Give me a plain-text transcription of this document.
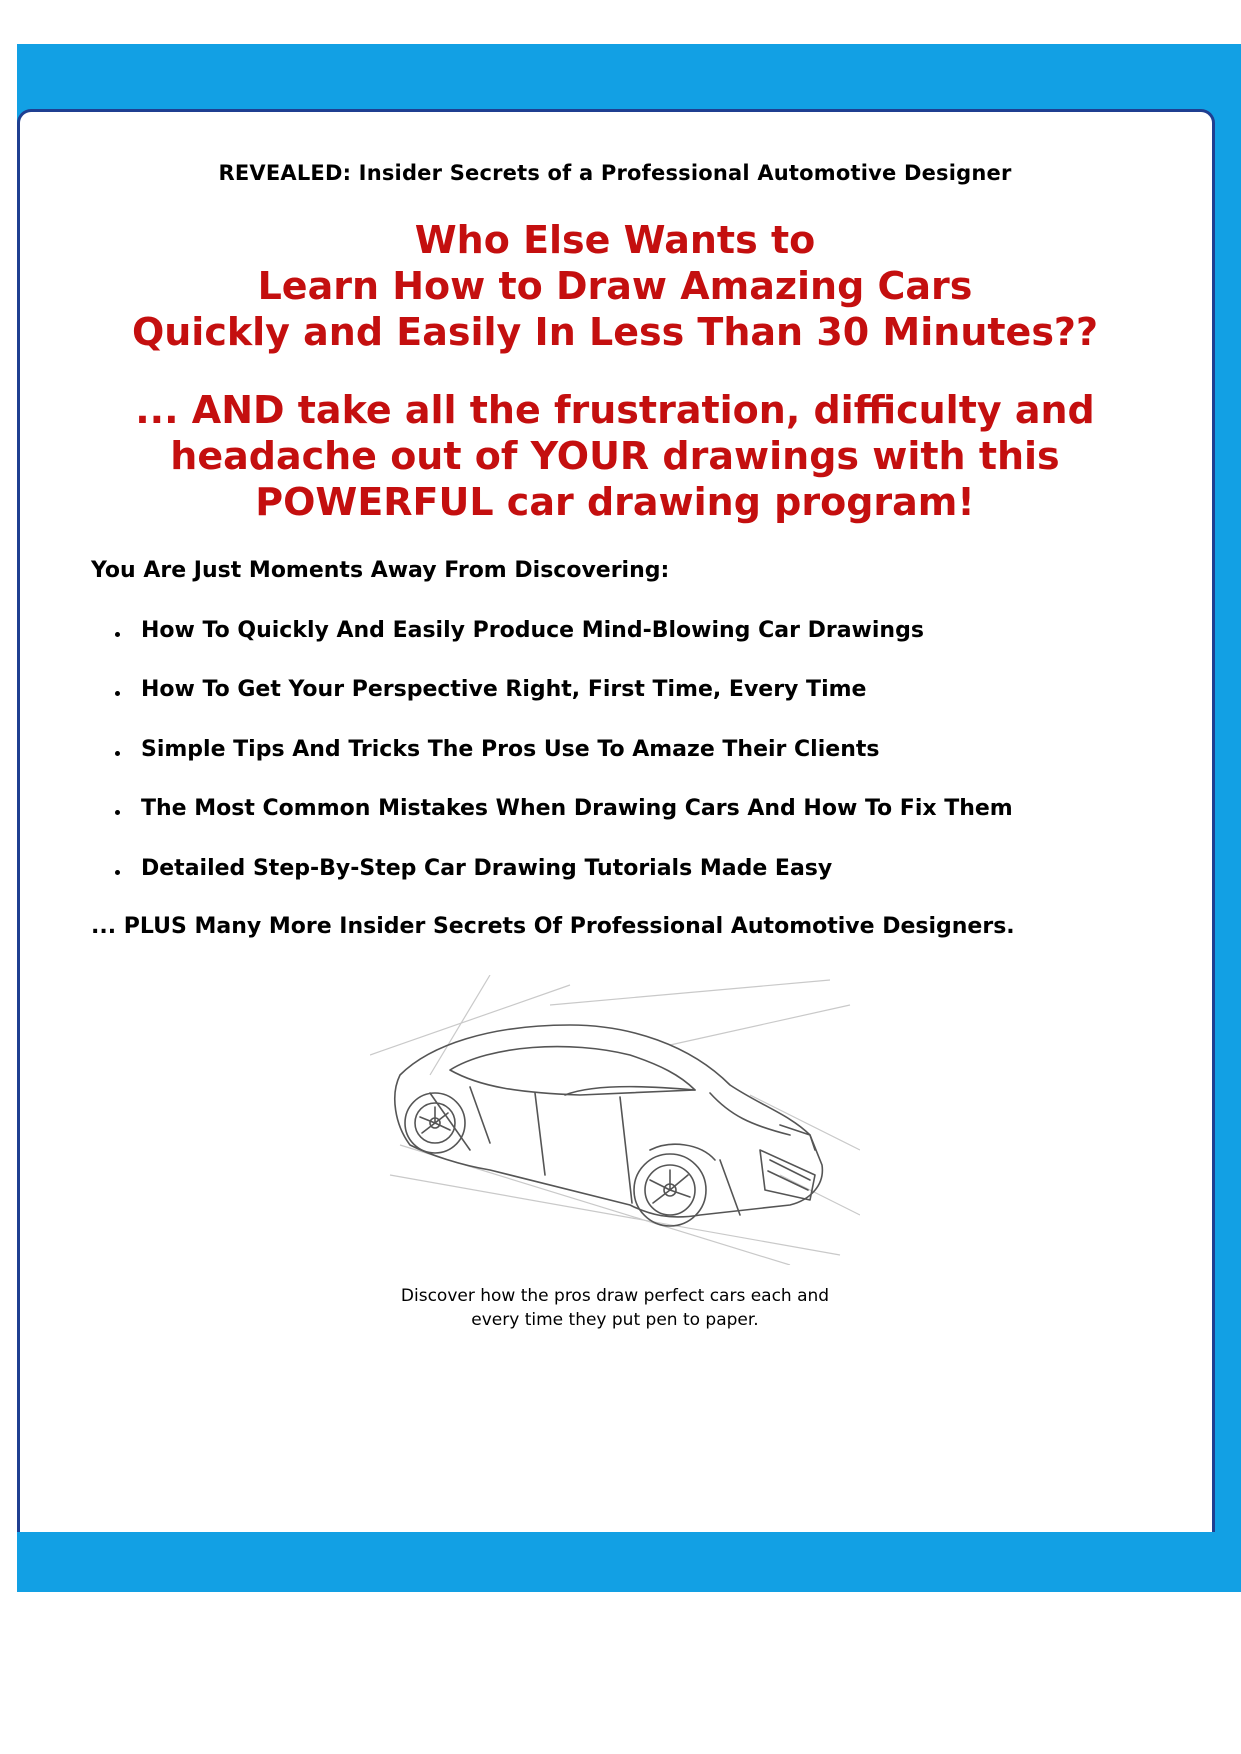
REVEALED: Insider Secrets of a Professional Automotive Designer
Who Else Wants to
Learn How to Draw Amazing Cars
Quickly and Easily In Less Than 30 Minutes??
... AND take all the frustration, difficulty and
headache out of YOUR drawings with this
POWERFUL car drawing program!
You Are Just Moments Away From Discovering:
How To Quickly And Easily Produce Mind-Blowing Car Drawings
How To Get Your Perspective Right, First Time, Every Time
Simple Tips And Tricks The Pros Use To Amaze Their Clients
The Most Common Mistakes When Drawing Cars And How To Fix Them
Detailed Step-By-Step Car Drawing Tutorials Made Easy
... PLUS Many More Insider Secrets Of Professional Automotive Designers.
Discover how the pros draw perfect cars each and
every time they put pen to paper.
